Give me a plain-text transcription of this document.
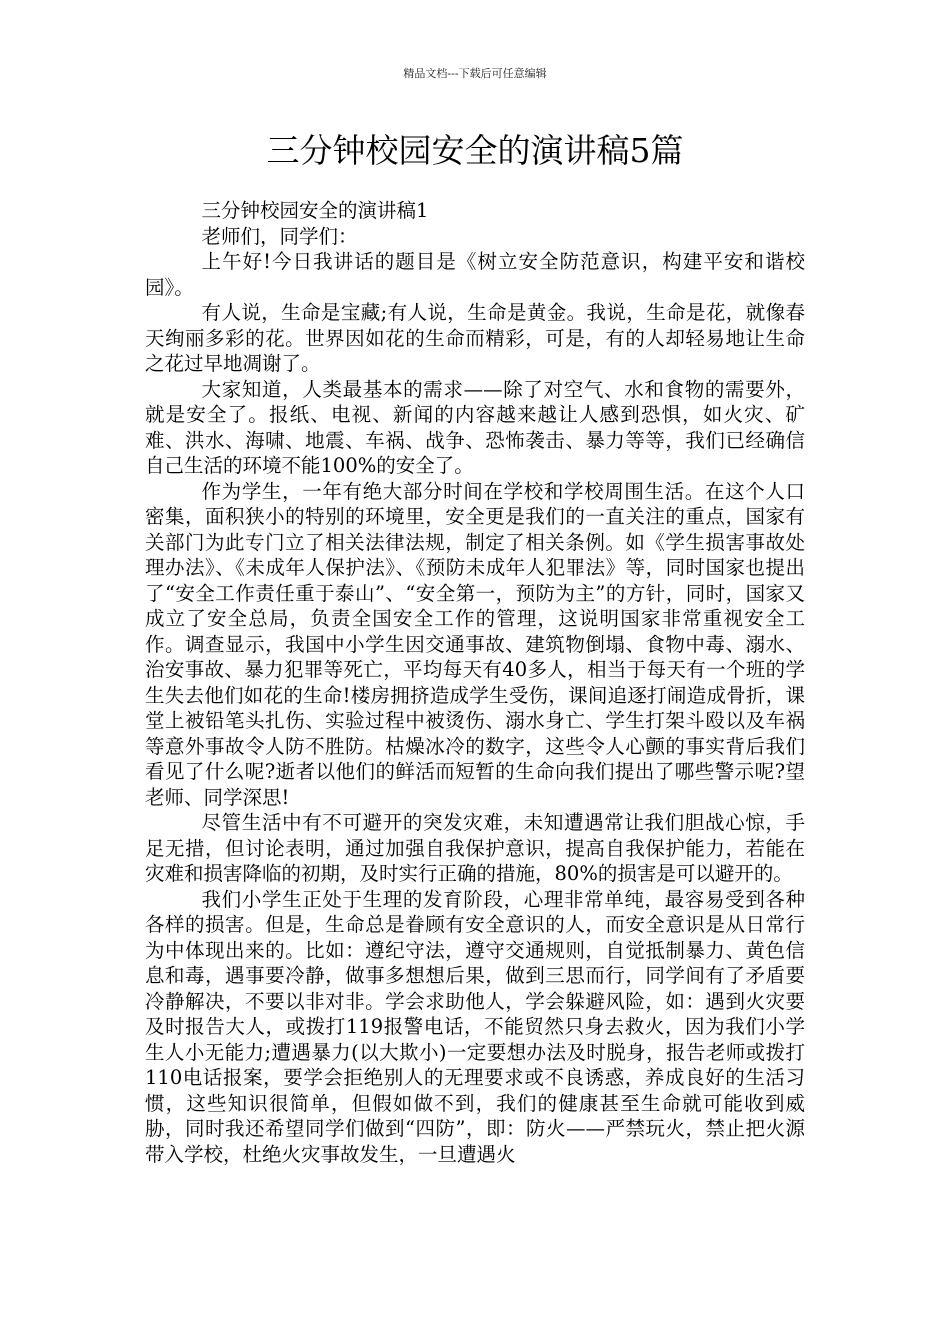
精品文档---下载后可任意编辑
三分钟校园安全的演讲稿5篇

三分钟校园安全的演讲稿1

老师们，同学们：

上午好!今日我讲话的题目是《树立安全防范意识，构建平安和谐校园》。

有人说，生命是宝藏;有人说，生命是黄金。我说，生命是花，就像春天绚丽多彩的花。世界因如花的生命而精彩，可是，有的人却轻易地让生命之花过早地凋谢了。

大家知道，人类最基本的需求——除了对空气、水和食物的需要外，就是安全了。报纸、电视、新闻的内容越来越让人感到恐惧，如火灾、矿难、洪水、海啸、地震、车祸、战争、恐怖袭击、暴力等等，我们已经确信自己生活的环境不能100%的安全了。

作为学生，一年有绝大部分时间在学校和学校周围生活。在这个人口密集，面积狭小的特别的环境里，安全更是我们的一直关注的重点，国家有关部门为此专门立了相关法律法规，制定了相关条例。如《学生损害事故处理办法》、《未成年人保护法》、《预防未成年人犯罪法》等，同时国家也提出了“安全工作责任重于泰山”、“安全第一，预防为主”的方针，同时，国家又成立了安全总局，负责全国安全工作的管理，这说明国家非常重视安全工作。调查显示，我国中小学生因交通事故、建筑物倒塌、食物中毒、溺水、治安事故、暴力犯罪等死亡，平均每天有40多人，相当于每天有一个班的学生失去他们如花的生命!楼房拥挤造成学生受伤，课间追逐打闹造成骨折，课堂上被铅笔头扎伤、实验过程中被烫伤、溺水身亡、学生打架斗殴以及车祸等意外事故令人防不胜防。枯燥冰冷的数字，这些令人心颤的事实背后我们看见了什么呢?逝者以他们的鲜活而短暂的生命向我们提出了哪些警示呢?望老师、同学深思!

尽管生活中有不可避开的突发灾难，未知遭遇常让我们胆战心惊，手足无措，但讨论表明，通过加强自我保护意识，提高自我保护能力，若能在灾难和损害降临的初期，及时实行正确的措施，80%的损害是可以避开的。

我们小学生正处于生理的发育阶段，心理非常单纯，最容易受到各种各样的损害。但是，生命总是眷顾有安全意识的人，而安全意识是从日常行为中体现出来的。比如：遵纪守法，遵守交通规则，自觉抵制暴力、黄色信息和毒，遇事要冷静，做事多想想后果，做到三思而行，同学间有了矛盾要冷静解决，不要以非对非。学会求助他人，学会躲避风险，如：遇到火灾要及时报告大人，或拨打119报警电话，不能贸然只身去救火，因为我们小学生人小无能力;遭遇暴力(以大欺小)一定要想办法及时脱身，报告老师或拨打110电话报案，要学会拒绝别人的无理要求或不良诱惑，养成良好的生活习惯，这些知识很简单，但假如做不到，我们的健康甚至生命就可能收到威胁，同时我还希望同学们做到“四防”，即：防火——严禁玩火，禁止把火源带入学校，杜绝火灾事故发生，一旦遭遇火
